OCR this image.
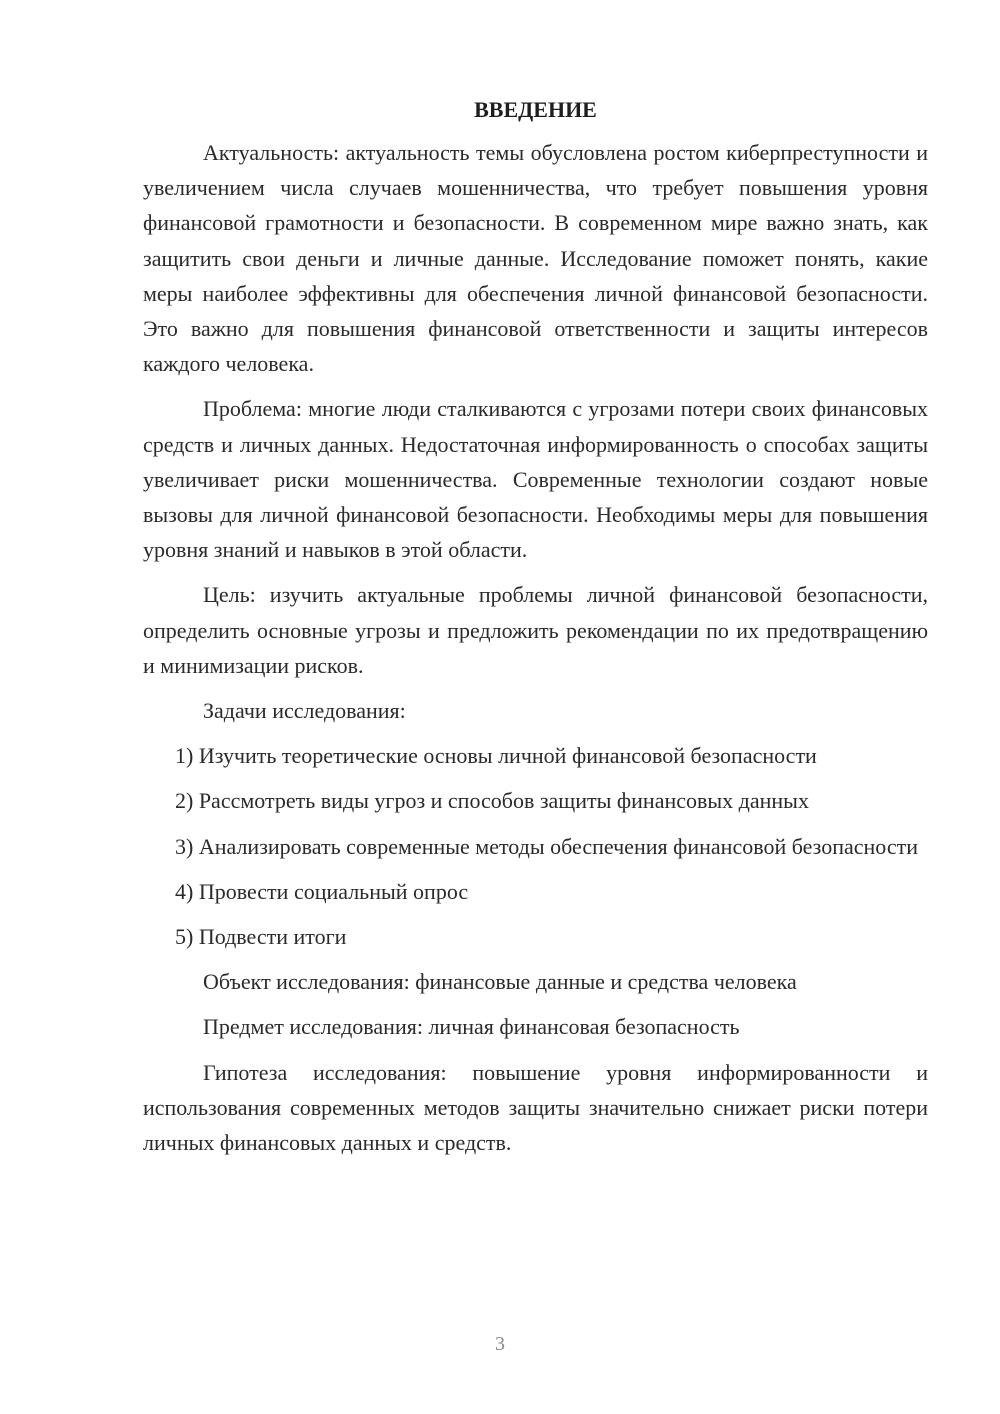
ВВЕДЕНИЕ

Актуальность: актуальность темы обусловлена ростом киберпреступности и увеличением числа случаев мошенничества, что требует повышения уровня финансовой грамотности и безопасности. В современном мире важно знать, как защитить свои деньги и личные данные. Исследование поможет понять, какие меры наиболее эффективны для обеспечения личной финансовой безопасности. Это важно для повышения финансовой ответственности и защиты интересов каждого человека.

Проблема: многие люди сталкиваются с угрозами потери своих финансовых средств и личных данных. Недостаточная информированность о способах защиты увеличивает риски мошенничества. Современные технологии создают новые вызовы для личной финансовой безопасности. Необходимы меры для повышения уровня знаний и навыков в этой области.

Цель: изучить актуальные проблемы личной финансовой безопасности, определить основные угрозы и предложить рекомендации по их предотвращению и минимизации рисков.

Задачи исследования:

1) Изучить теоретические основы личной финансовой безопасности

2) Рассмотреть виды угроз и способов защиты финансовых данных

3) Анализировать современные методы обеспечения финансовой безопасности

4) Провести социальный опрос

5) Подвести итоги

Объект исследования: финансовые данные и средства человека

Предмет исследования: личная финансовая безопасность

Гипотеза исследования: повышение уровня информированности и использования современных методов защиты значительно снижает риски потери личных финансовых данных и средств.

3
